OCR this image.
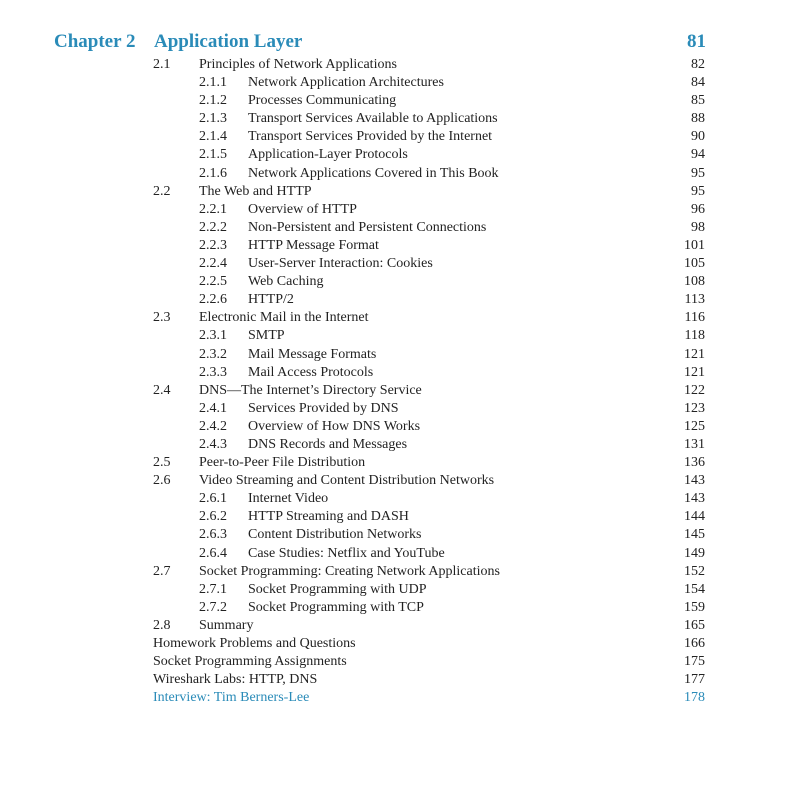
Chapter 2 Application Layer	81
2.1 Principles of Network Applications	82
2.1.1 Network Application Architectures	84
2.1.2 Processes Communicating	85
2.1.3 Transport Services Available to Applications	88
2.1.4 Transport Services Provided by the Internet	90
2.1.5 Application-Layer Protocols	94
2.1.6 Network Applications Covered in This Book	95
2.2 The Web and HTTP	95
2.2.1 Overview of HTTP	96
2.2.2 Non-Persistent and Persistent Connections	98
2.2.3 HTTP Message Format	101
2.2.4 User-Server Interaction: Cookies	105
2.2.5 Web Caching	108
2.2.6 HTTP/2	113
2.3 Electronic Mail in the Internet	116
2.3.1 SMTP	118
2.3.2 Mail Message Formats	121
2.3.3 Mail Access Protocols	121
2.4 DNS—The Internet’s Directory Service	122
2.4.1 Services Provided by DNS	123
2.4.2 Overview of How DNS Works	125
2.4.3 DNS Records and Messages	131
2.5 Peer-to-Peer File Distribution	136
2.6 Video Streaming and Content Distribution Networks	143
2.6.1 Internet Video	143
2.6.2 HTTP Streaming and DASH	144
2.6.3 Content Distribution Networks	145
2.6.4 Case Studies: Netflix and YouTube	149
2.7 Socket Programming: Creating Network Applications	152
2.7.1 Socket Programming with UDP	154
2.7.2 Socket Programming with TCP	159
2.8 Summary	165
Homework Problems and Questions	166
Socket Programming Assignments	175
Wireshark Labs: HTTP, DNS	177
Interview: Tim Berners-Lee	178
